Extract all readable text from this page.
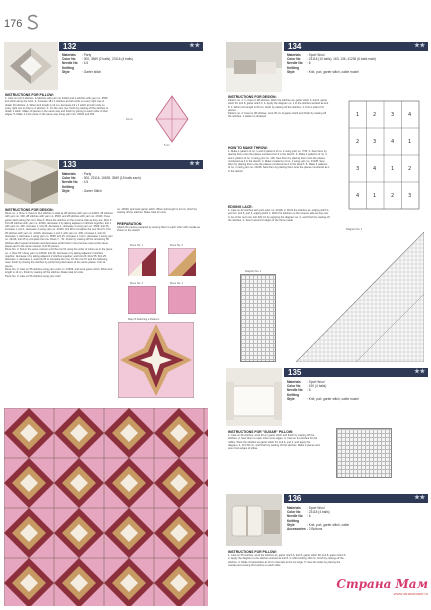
176
132	★★
Materials : Party
Color No : 300, 3569 (2 balls), 23116 (4 balls)
Needle No : 4.5
Knitting Style	: Garter stitch
INSTRUCTIONS FOR PILLOW:
1- Cast on knit 4 stitches. 2-Stitches with yarn no 23116 and 2 stitches with yarn no. 3569 knit stitch along the wrist. 3- Increase 18 x 1 stitches at both ends on every right row to obtain 40 stitches. 4- When knit length is 12 cm, decrease 19 x 1 stitch at both ends on every right row to drop to 4 stitches. 4- On the next row, finish by casting off the stitches to obtain 1 stitch. Make 10 pieces in the same way and finish by joining to each other of their edges. 5- Make 1 more piece in the same way using yarn nos. 23116 and 300.
24 cm
5 cm
133	★★
Materials : Party
Color No : 300, 23116, 10639, 3569 (15 balls each)
Needle No : 4.5
Knitting Style	: Garter Stitch
INSTRUCTIONS FOR DESIGN:
Piece no. 1, Row 1: Cast on 112 stitches in total as 28 stitches with yarn no 23116, 28 stitches with yarn no. 300, 28 stitches with yarn no. 3569, and 28 stitches with yarn no. 23116. Knee garter stitch along the next. Row 2: Move the stitches on the reverse side as they are. Row 3: Knit 28 stitches with yarn no. 23116, decrease 1 by taking adjacent 2 stitches together, knit 1 with yarn no. 300, increase 1, knit 25, decrease 1, decrease 1 using yarn no. 3569, knit 25, increase 1, knit 1, decrease 1 using yarn no. 23116, knit 28 to complete the row. Row 5: Knit 25 stitches with yarn no. 23116, decrease 1, knit 1 with yarn no. 300, increase 1, knit 24, decrease 1, decrease 1 using yarn no. 3569, knit 25, increase 1, knit 1, decrease 1 using yarn no. 23116, knit 25 to complete the row. Rows 7... 51: Finish by casting off the remaining 56 stitches after repeat increases and decreases performed in the previous rows at the same places and in the same manner. Knit 56 pieces.
Piece No. 2: Knit in the same manner until the row 51 using the order of colors as in the piece no. 1. Row 53: Using yarn no 10639, knit 26, decrease 1 by taking adjacent 2 stitches together, decrease 1 by taking adjacent 2 stitches together, and knit 26. Row 55: Knit 25, decrease 1, decrease 1, and knit 25 to complete the row. On the row 57 and the following rows: finish by closing the stitches by performing decreases at the same places. Knit 12 pieces.
Piece No. 3: Cast on 56 stitches using yarn color no. 10639, and work garter stitch. When knit length is 14 cm, finish by casting off the stitches. Make total 12 units.
Piece No. 4: Cast on 56 stitches using yarn color
no. 10639, and work garter stitch. When knit length is 14 cm, finish by casting off the stitches. Make total 12 units.
PREPARATION:
Attach the pieces prepared by sewing them to each other with needle as shown in the sketch.
Piece No. 1	Piece No. 2
Piece No. 3	Piece No. 4
Map Of Attaching a Patterns
134	★★
Materials : Sport Wool
Color No : 23118 (10 balls), 163, 136, 41238 (6 balls each)
Needle No : 6
Knitting Style	: Knit, purl, garter stitch, cable model
INSTRUCTIONS FOR DESIGN:
Pattern no. 1: 1- Cast on 48 stitches. Work the stitches as; garter stitch 3, knit 8, garter stitch 30, knit 8, garter stitch 3. 2- Apply the diagram no. 1 to the stitches worked as knit 8. 3- When knit length is 60 cm, finish by casting off the stitches. 4- Knit a total of 11 pieces.
Pattern no. 2: Cast on 48 stitches, work 45 cm of garter stitch and finish by casting off the stitches. 1 pattern is obtained.
HOW TO MAKE THROW:
1- Make 1 pattern of no. 1 and 2 patterns of no. 2 using yarn no. 7/45. 2- Sew them by placing them onto the places numbered as 3 in the sketch. 3- Make 2 patterns of no. 2 and 1 pattern of no. 1 using yarn no. 136. Sew them by placing them onto the places numbered as 4 in the sketch. 4- Make 4 patterns of no. 1 using yarn no. 41238. Sew them by placing them onto the places numbered as 2 in the sketch. 5- Make 4 patterns of no. 1 using yarn no. 23118. Sew them by placing them onto the places numbered as 1 in the sketch.
EDGING LACE:
1- Cast on 22 stitches with yarn color no. 23118. 2- Work the stitches as: edging stitch 1, purl 1/1, knit 6, purl 2, edging stitch 1. Work the stitches on the reverse side as they are. 3- As of the next row, knit 320 cm by applying the diagram no. 2, and finish by casting off the stitches. 4- Sew it around 3 edges of the throw made.
1	2	3	4
2	3	4	1
3	4	1	2
4	1	2	3
Diagram No. 1
Diagram No. 2
135	★★
Materials : Sport Wool
Color No : 190 (4 balls)
Needle No : 6
Knitting Style	: Knit, purl, garter stitch, cable model
INSTRUCTIONS FOR "SUGAR" PILLOW:
1- Cast on 60 stitches; work 20 cm garter stitch and finish by casting off the stitches. 2- Sew them to each other at its edges. 3- Cast on 21 stitches for the ruffles. Work the stitches as garter stitch 13, knit 6, purl 2, and apply the diagram. 4- Knit 50 cm, and finish by casting off the stitches. Make 2 pieces and sew it two edges of pillow.
136	★★
Materials : Sport Wool
Color No : 23118 (4 balls)
Needle No : 6
Knitting Style	: Knit, purl, garter stitch, cable
Accessories: 2 Buttons
INSTRUCTIONS FOR PILLOW:
1- Cast on 56 stitches, work the stitches as; garter stitch 6, knit 8, garter stitch 38, knit 8, garter stitch 6. 2- Apply the diagram to the stitches worked as knit 8. 3- After knitting 100 cm, finish by casting off the stitches. 4- Make 2 buttonholes at 10 cm intervals at the 1st edge. 5- Sew the sides by placing the overlap and sewing the buttons on each other.
Страна Мам
www.stranamam.ru
